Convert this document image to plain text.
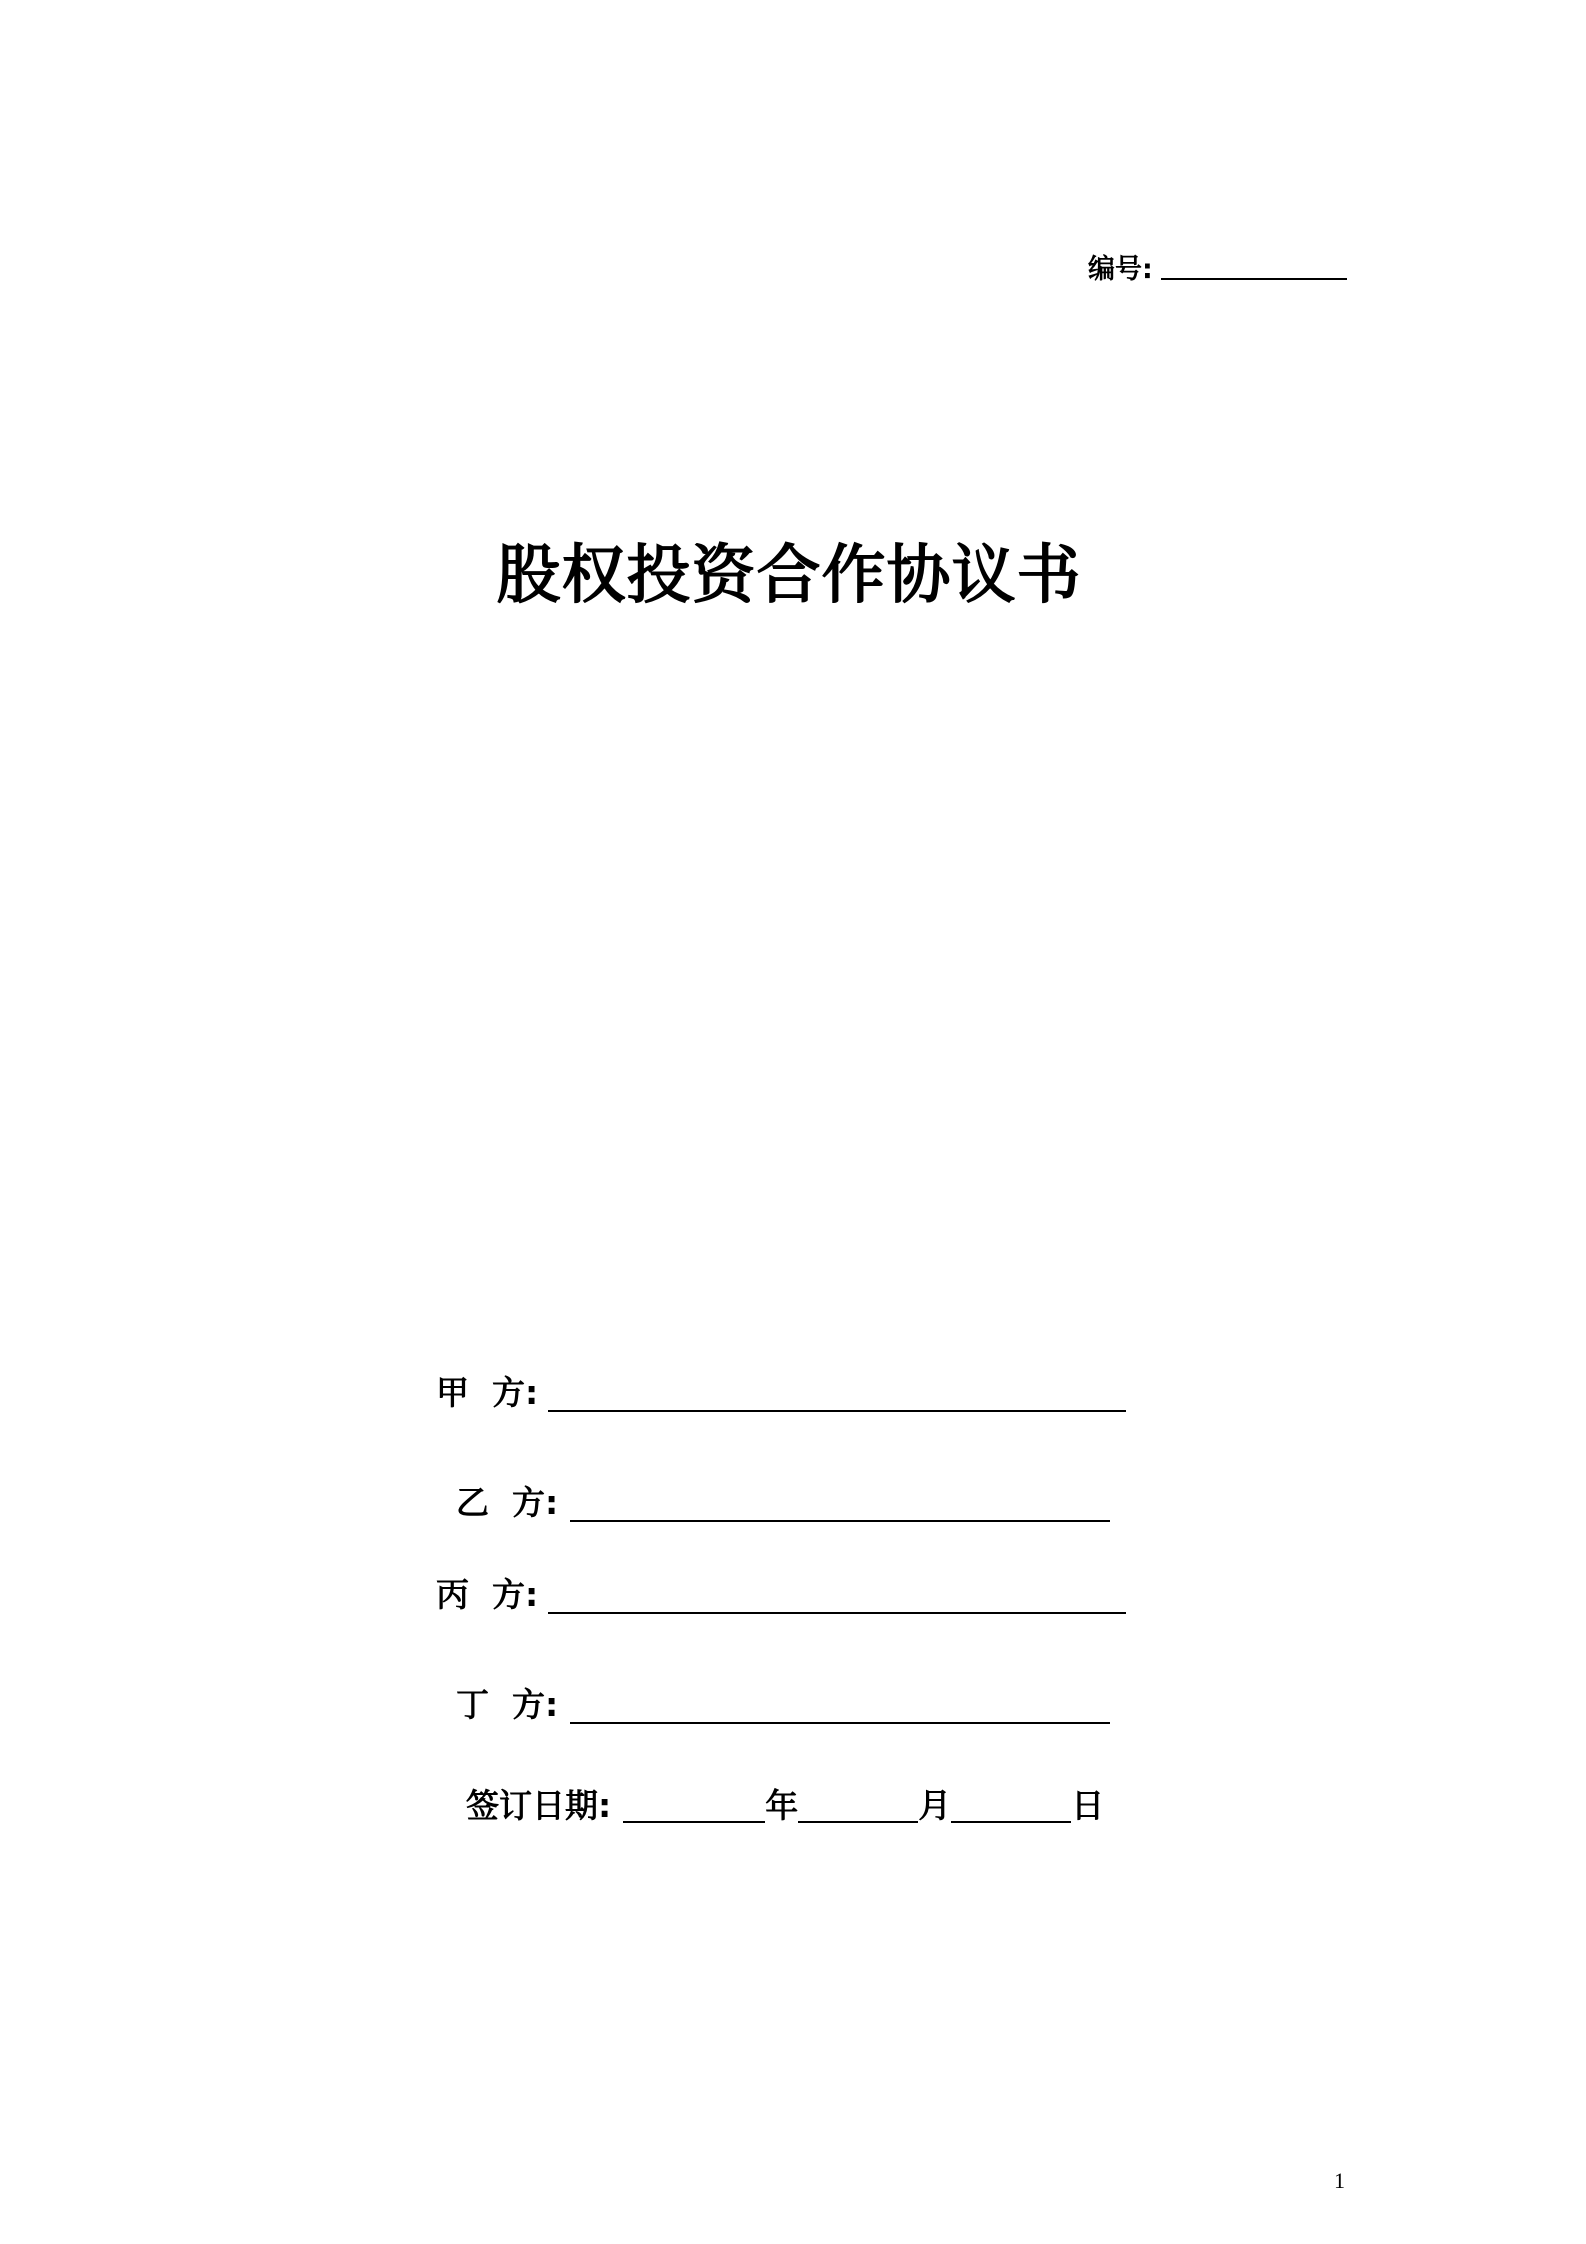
编号:
股权投资合作协议书
甲  方:
乙  方:
丙  方:
丁  方:
签订日期:	年	月	日
1
